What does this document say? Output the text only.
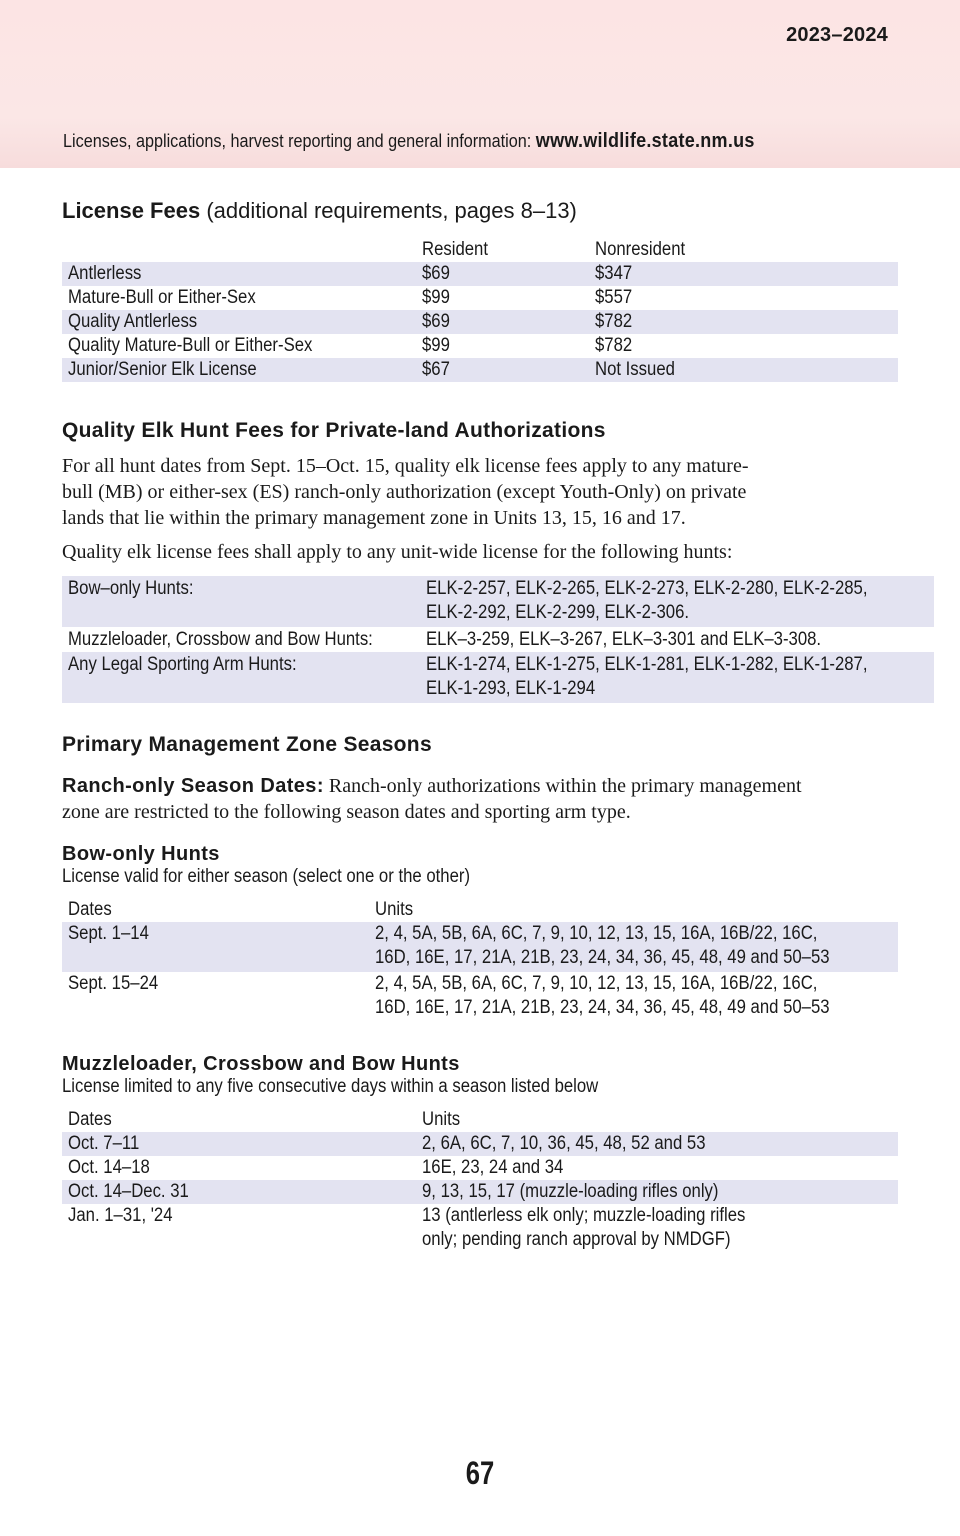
2023–2024
Licenses, applications, harvest reporting and general information: www.wildlife.state.nm.us
License Fees (additional requirements, pages 8–13)
	Resident	Nonresident
Antlerless	$69	$347
Mature-Bull or Either-Sex	$99	$557
Quality Antlerless	$69	$782
Quality Mature-Bull or Either-Sex	$99	$782
Junior/Senior Elk License	$67	Not Issued
Quality Elk Hunt Fees for Private-land Authorizations
For all hunt dates from Sept. 15–Oct. 15, quality elk license fees apply to any mature-
bull (MB) or either-sex (ES) ranch-only authorization (except Youth-Only) on private
lands that lie within the primary management zone in Units 13, 15, 16 and 17.
Quality elk license fees shall apply to any unit-wide license for the following hunts:
Bow–only Hunts:	ELK-2-257, ELK-2-265, ELK-2-273, ELK-2-280, ELK-2-285,
ELK-2-292, ELK-2-299, ELK-2-306.

Muzzleloader, Crossbow and Bow Hunts:	ELK–3-259, ELK–3-267, ELK–3-301 and ELK–3-308.

Any Legal Sporting Arm Hunts:	ELK-1-274, ELK-1-275, ELK-1-281, ELK-1-282, ELK-1-287,
ELK-1-293, ELK-1-294
Primary Management Zone Seasons
Ranch-only Season Dates: Ranch-only authorizations within the primary management
zone are restricted to the following season dates and sporting arm type.
Bow-only Hunts
License valid for either season (select one or the other)
Dates	Units
Sept. 1–14	2, 4, 5A, 5B, 6A, 6C, 7, 9, 10, 12, 13, 15, 16A, 16B/22, 16C,
16D, 16E, 17, 21A, 21B, 23, 24, 34, 36, 45, 48, 49 and 50–53

Sept. 15–24	2, 4, 5A, 5B, 6A, 6C, 7, 9, 10, 12, 13, 15, 16A, 16B/22, 16C,
16D, 16E, 17, 21A, 21B, 23, 24, 34, 36, 45, 48, 49 and 50–53
Muzzleloader, Crossbow and Bow Hunts
License limited to any five consecutive days within a season listed below
Dates	Units
Oct. 7–11	2, 6A, 6C, 7, 10, 36, 45, 48, 52 and 53
Oct. 14–18	16E, 23, 24 and 34
Oct. 14–Dec. 31	9, 13, 15, 17 (muzzle-loading rifles only)
Jan. 1–31, '24	13 (antlerless elk only; muzzle-loading rifles
only; pending ranch approval by NMDGF)
67
